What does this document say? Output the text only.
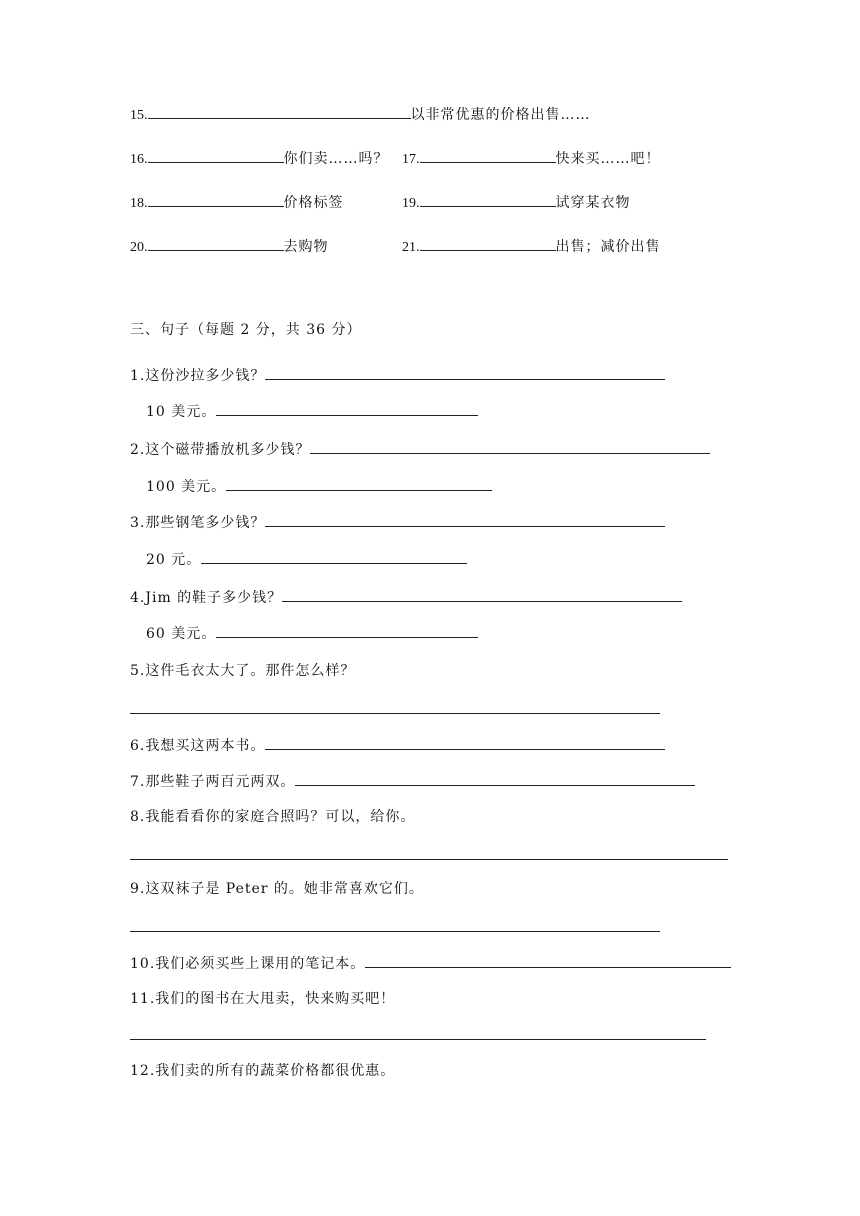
15.	以非常优惠的价格出售……
16.	你们卖……吗？ 17.	快来买……吧！
18.	价格标签	19.	试穿某衣物
20.	去购物	21.	出售；减价出售
三、句子（每题 2 分，共 36 分）
1.这份沙拉多少钱？
10 美元。
2.这个磁带播放机多少钱？
100 美元。
3.那些钢笔多少钱？
20 元。
4.Jim 的鞋子多少钱？
60 美元。
5.这件毛衣太大了。那件怎么样？
6.我想买这两本书。
7.那些鞋子两百元两双。
8.我能看看你的家庭合照吗？可以，给你。
9.这双袜子是 Peter 的。她非常喜欢它们。
10.我们必须买些上课用的笔记本。
11.我们的图书在大甩卖，快来购买吧！
12.我们卖的所有的蔬菜价格都很优惠。
